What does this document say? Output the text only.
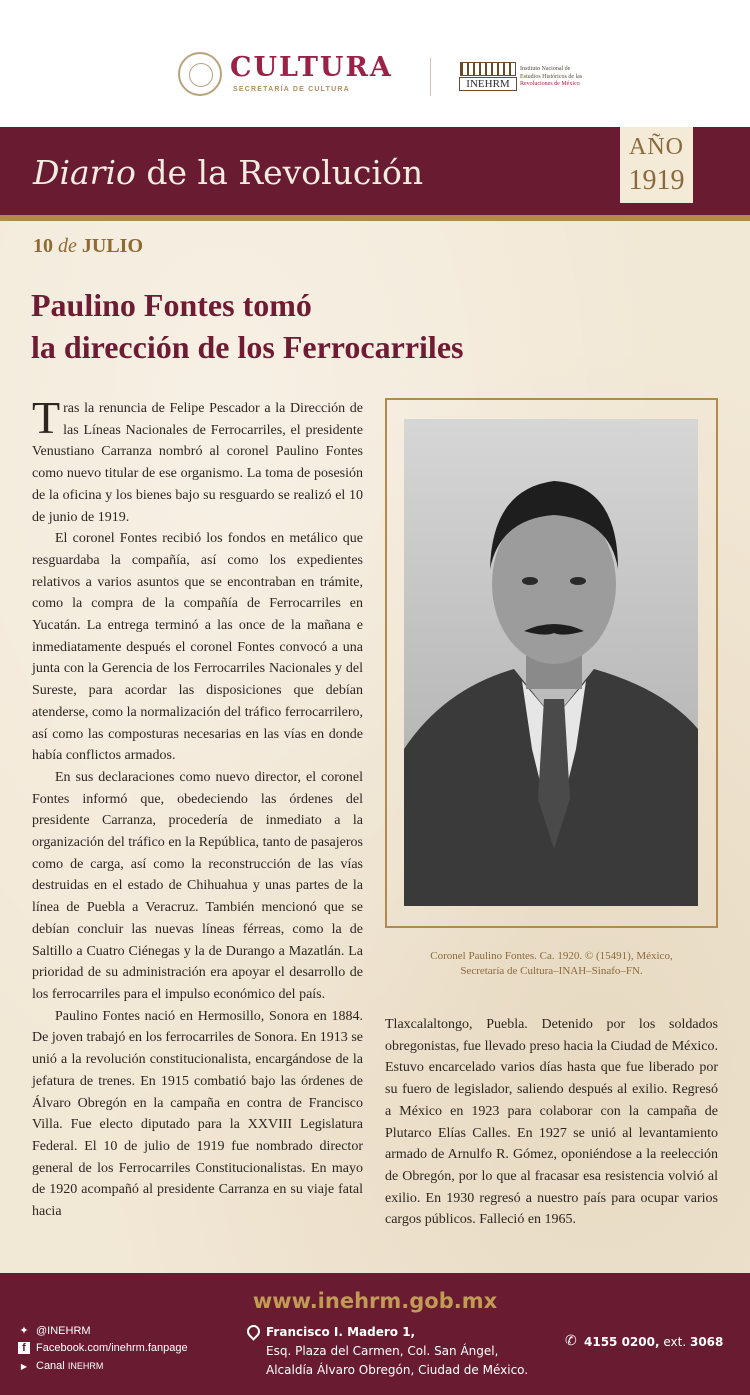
CULTURA
SECRETARÍA DE CULTURA	INEHRM
Instituto Nacional de
Estudios Históricos de las
Revoluciones de México
Diario de la Revolución
AÑO
1919
10 de JULIO
Paulino Fontes tomó
la dirección de los Ferrocarriles

Tras la renuncia de Felipe Pescador a la Dirección de las Líneas Nacionales de Ferrocarriles, el presidente Venustiano Carranza nombró al coronel Paulino Fontes como nuevo titular de ese organismo. La toma de posesión de la oficina y los bienes bajo su resguardo se realizó el 10 de junio de 1919.

El coronel Fontes recibió los fondos en metálico que resguardaba la compañía, así como los expedientes relativos a varios asuntos que se encontraban en trámite, como la compra de la compañía de Ferrocarriles en Yucatán. La entrega terminó a las once de la mañana e inmediatamente después el coronel Fontes convocó a una junta con la Gerencia de los Ferrocarriles Nacionales y del Sureste, para acordar las disposiciones que debían atenderse, como la normalización del tráfico ferrocarrilero, así como las composturas necesarias en las vías en donde había conflictos armados.

En sus declaraciones como nuevo director, el coronel Fontes informó que, obedeciendo las órdenes del presidente Carranza, procedería de inmediato a la organización del tráfico en la República, tanto de pasajeros como de carga, así como la reconstrucción de las vías destruidas en el estado de Chihuahua y unas partes de la línea de Puebla a Veracruz. También mencionó que se debían concluir las nuevas líneas férreas, como la de Saltillo a Cuatro Ciénegas y la de Durango a Mazatlán. La prioridad de su administración era apoyar el desarrollo de los ferrocarriles para el impulso económico del país.

Paulino Fontes nació en Hermosillo, Sonora en 1884. De joven trabajó en los ferrocarriles de Sonora. En 1913 se unió a la revolución constitucionalista, encargándose de la jefatura de trenes. En 1915 combatió bajo las órdenes de Álvaro Obregón en la campaña en contra de Francisco Villa. Fue electo diputado para la XXVIII Legislatura Federal. El 10 de julio de 1919 fue nombrado director general de los Ferrocarriles Constitucionalistas. En mayo de 1920 acompañó al presidente Carranza en su viaje fatal hacia

Coronel Paulino Fontes. Ca. 1920. © (15491), México,
Secretaría de Cultura–INAH–Sinafo–FN.

Tlaxcalaltongo, Puebla. Detenido por los soldados obregonistas, fue llevado preso hacia la Ciudad de México. Estuvo encarcelado varios días hasta que fue liberado por su fuero de legislador, saliendo después al exilio. Regresó a México en 1923 para colaborar con la campaña de Plutarco Elías Calles. En 1927 se unió al levantamiento armado de Arnulfo R. Gómez, oponiéndose a la reelección de Obregón, por lo que al fracasar esa resistencia volvió al exilio. En 1930 regresó a nuestro país para ocupar varios cargos públicos. Falleció en 1965.

www.inehrm.gob.mx
✦ @INEHRM
f Facebook.com/inehrm.fanpage
▶ Canal INEHRM
Francisco I. Madero 1,
Esq. Plaza del Carmen, Col. San Ángel,
Alcaldía Álvaro Obregón, Ciudad de México.
✆ 4155 0200, ext. 3068
